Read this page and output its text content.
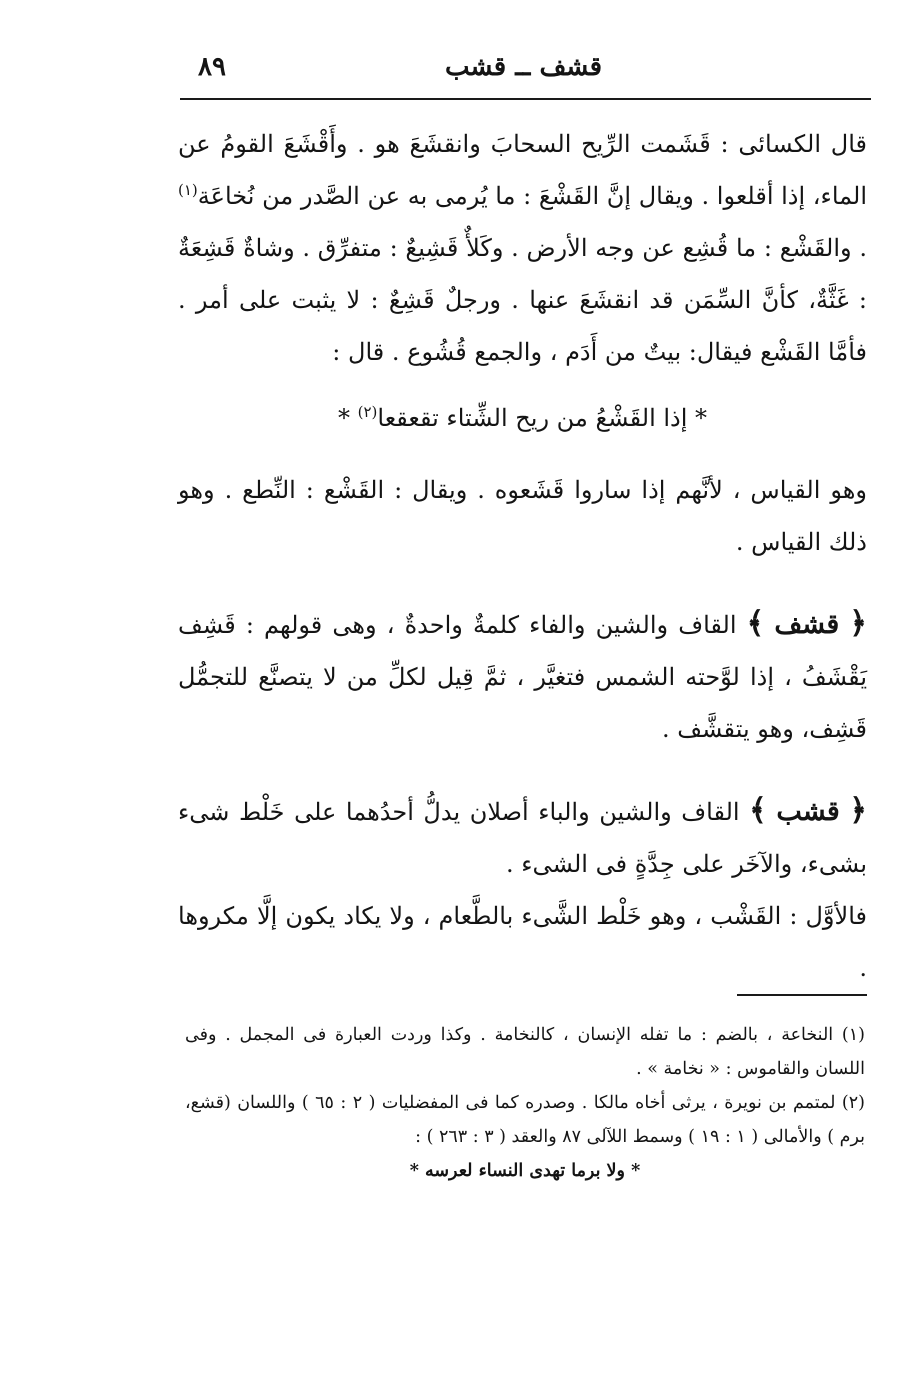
قشف ــ قشب
٨٩

قال الكسائى : قَشَمت الرِّيح السحابَ وانقشَعَ هو . وأَقْشَعَ القومُ عن الماء، إذا أقلعوا . ويقال إنَّ القَشْعَ : ما يُرمى به عن الصَّدر من نُخاعَة$^{(١)}$ . والقَشْع : ما قُشِع عن وجه الأرض . وكَلأٌ قَشِيعٌ : متفرِّق . وشاةٌ قَشِعَةٌ : غَثَّةٌ، كأنَّ السِّمَن قد انقشَعَ عنها . ورجلٌ قَشِعٌ : لا يثبت على أمر . فأمَّا القَشْع فيقال: بيتٌ من أَدَم ، والجمع قُشُوع . قال :

* إذا القَشْعُ من ريح الشِّتاء تقعقعا$^{(٢)}$ *

وهو القياس ، لأنَّهم إذا ساروا قَشَعوه . ويقال : القَشْع : النِّطع . وهو ذلك القياس .

﴿ قشف ﴾ القاف والشين والفاء كلمةٌ واحدةٌ ، وهى قولهم : قَشِف يَقْشَفُ ، إذا لوَّحته الشمس فتغيَّر ، ثمَّ قِيل لكلِّ من لا يتصنَّع للتجمُّل قَشِف، وهو يتقشَّف .

﴿ قشب ﴾ القاف والشين والباء أصلان يدلُّ أحدُهما على خَلْط شىء بشىء، والآخَر على جِدَّةٍ فى الشىء .

فالأوَّل : القَشْب ، وهو خَلْط الشَّىء بالطَّعام ، ولا يكاد يكون إلَّا مكروها .

(١) النخاعة ، بالضم : ما تفله الإنسان ، كالنخامة . وكذا وردت العبارة فى المجمل . وفى اللسان والقاموس : « نخامة » .

(٢) لمتمم بن نويرة ، يرثى أخاه مالكا . وصدره كما فى المفضليات ( ٢ : ٦٥ ) واللسان (قشع، برم ) والأمالى ( ١ : ١٩ ) وسمط اللآلى ٨٧ والعقد ( ٣ : ٢٦٣ ) :

* ولا برما تهدى النساء لعرسه *
